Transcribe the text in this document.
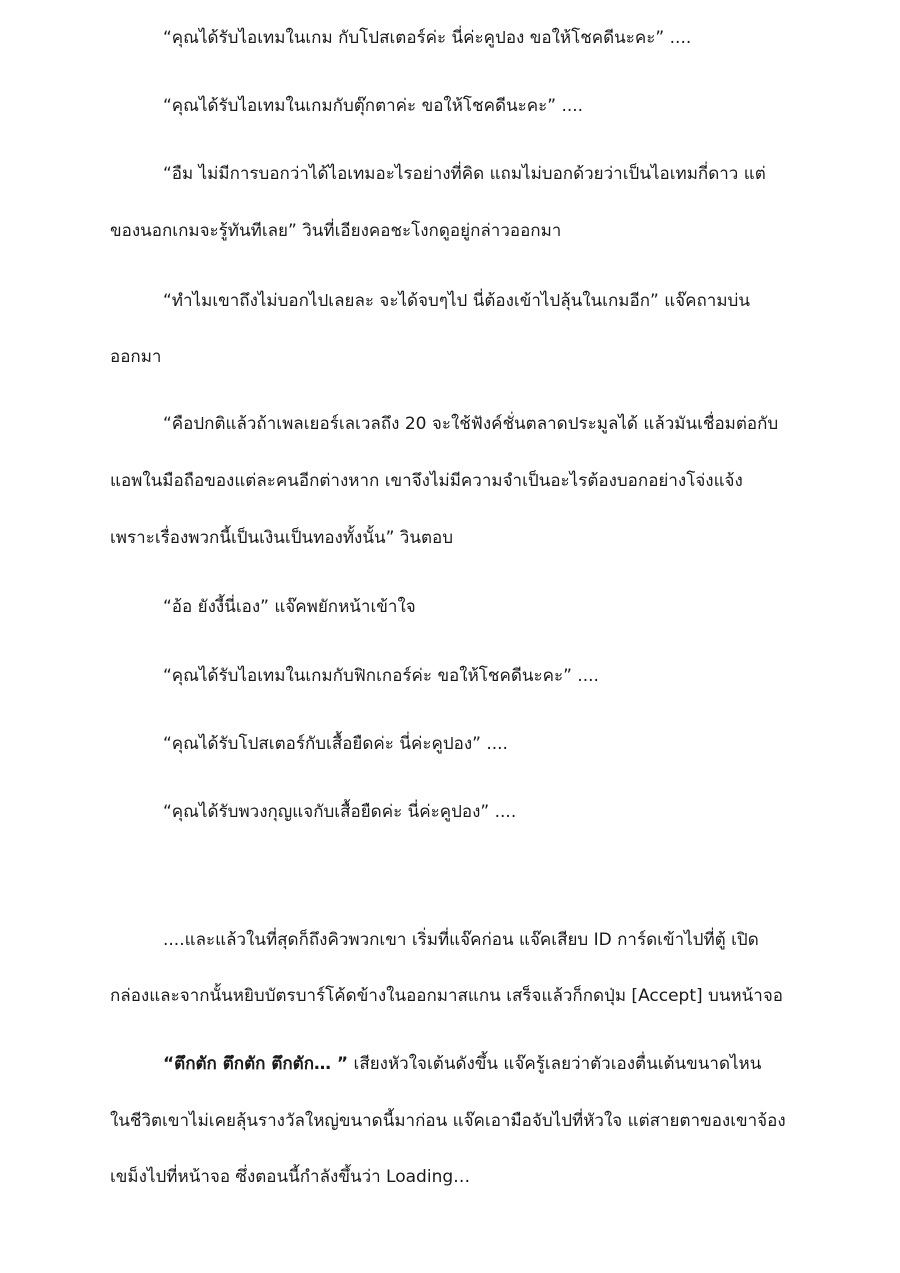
“คุณได้รับไอเทมในเกม กับโปสเตอร์ค่ะ นี่ค่ะคูปอง ขอให้โชคดีนะคะ” ....
“คุณได้รับไอเทมในเกมกับตุ๊กตาค่ะ ขอให้โชคดีนะคะ” ....
“อืม ไม่มีการบอกว่าได้ไอเทมอะไรอย่างที่คิด แถมไม่บอกด้วยว่าเป็นไอเทมกี่ดาว แต่
ของนอกเกมจะรู้ทันทีเลย” วินที่เอียงคอชะโงกดูอยู่กล่าวออกมา
“ทำไมเขาถึงไม่บอกไปเลยละ จะได้จบๆไป นี่ต้องเข้าไปลุ้นในเกมอีก” แจ๊คถามบ่น
ออกมา
“คือปกติแล้วถ้าเพลเยอร์เลเวลถึง 20 จะใช้ฟังค์ชั่นตลาดประมูลได้ แล้วมันเชื่อมต่อกับ
แอพในมือถือของแต่ละคนอีกต่างหาก เขาจึงไม่มีความจำเป็นอะไรต้องบอกอย่างโจ่งแจ้ง
เพราะเรื่องพวกนี้เป็นเงินเป็นทองทั้งนั้น” วินตอบ
“อ้อ ยังงี้นี่เอง” แจ๊คพยักหน้าเข้าใจ
“คุณได้รับไอเทมในเกมกับฟิกเกอร์ค่ะ ขอให้โชคดีนะคะ” ....
“คุณได้รับโปสเตอร์กับเสื้อยืดค่ะ นี่ค่ะคูปอง” ....
“คุณได้รับพวงกุญแจกับเสื้อยืดค่ะ นี่ค่ะคูปอง” ....
....และแล้วในที่สุดก็ถึงคิวพวกเขา เริ่มที่แจ๊คก่อน แจ๊คเสียบ ID การ์ดเข้าไปที่ตู้ เปิด
กล่องและจากนั้นหยิบบัตรบาร์โค้ดข้างในออกมาสแกน เสร็จแล้วก็กดปุ่ม [Accept] บนหน้าจอ
“ตึกตัก ตึกตัก ตึกตัก… ” เสียงหัวใจเต้นดังขึ้น แจ๊ครู้เลยว่าตัวเองตื่นเต้นขนาดไหน
ในชีวิตเขาไม่เคยลุ้นรางวัลใหญ่ขนาดนี้มาก่อน แจ๊คเอามือจับไปที่หัวใจ แต่สายตาของเขาจ้อง
เขม็งไปที่หน้าจอ ซึ่งตอนนี้กำลังขึ้นว่า Loading…
